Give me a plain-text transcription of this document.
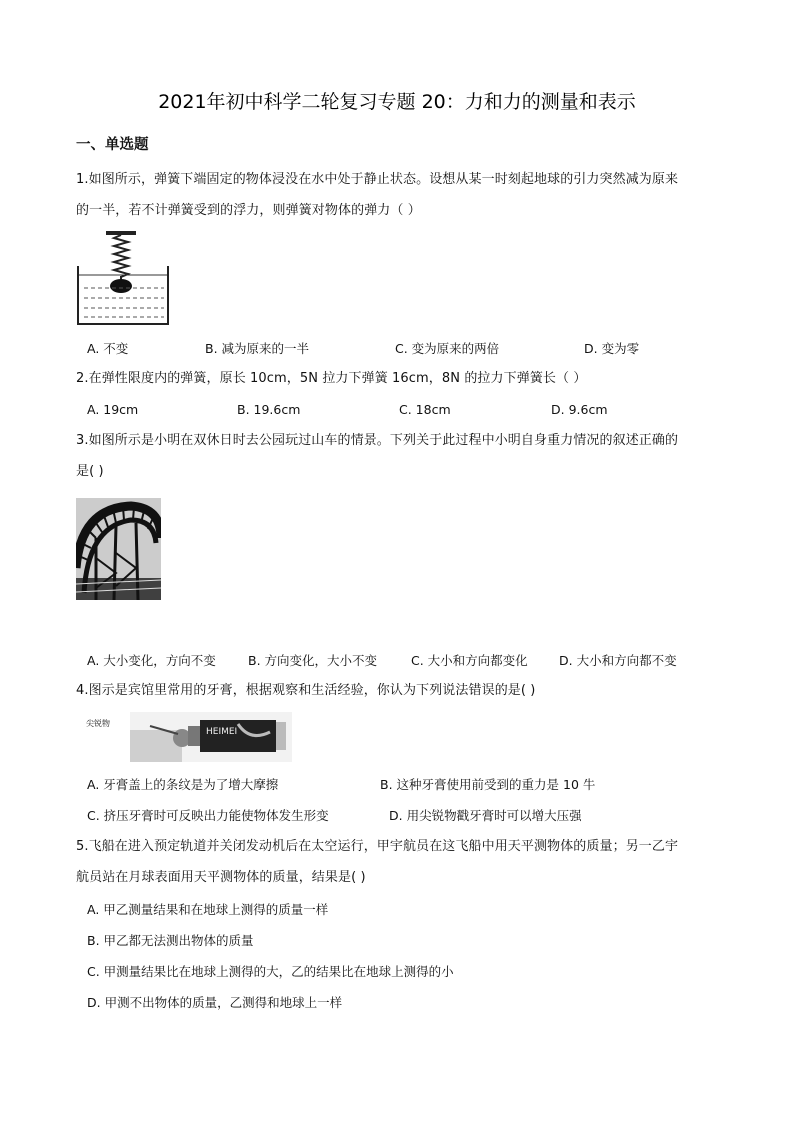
2021年初中科学二轮复习专题 20：力和力的测量和表示
一、单选题
1.如图所示，弹簧下端固定的物体浸没在水中处于静止状态。设想从某一时刻起地球的引力突然减为原来
的一半，若不计弹簧受到的浮力，则弹簧对物体的弹力（ ）
A. 不变	B. 减为原来的一半	C. 变为原来的两倍	D. 变为零
2.在弹性限度内的弹簧，原长 10cm，5N 拉力下弹簧 16cm，8N 的拉力下弹簧长（ ）
A. 19cm	B. 19.6cm	C. 18cm	D. 9.6cm
3.如图所示是小明在双休日时去公园玩过山车的情景。下列关于此过程中小明自身重力情况的叙述正确的
是( )
A. 大小变化，方向不变	B. 方向变化，大小不变	C. 大小和方向都变化	D. 大小和方向都不变
4.图示是宾馆里常用的牙膏，根据观察和生活经验，你认为下列说法错误的是( )
尖锐物
HEIMEI
A. 牙膏盖上的条纹是为了增大摩擦	B. 这种牙膏使用前受到的重力是 10 牛
C. 挤压牙膏时可反映出力能使物体发生形变	D. 用尖锐物戳牙膏时可以增大压强
5.飞船在进入预定轨道并关闭发动机后在太空运行，甲宇航员在这飞船中用天平测物体的质量；另一乙宇
航员站在月球表面用天平测物体的质量，结果是( )
A. 甲乙测量结果和在地球上测得的质量一样
B. 甲乙都无法测出物体的质量
C. 甲测量结果比在地球上测得的大，乙的结果比在地球上测得的小
D. 甲测不出物体的质量，乙测得和地球上一样
